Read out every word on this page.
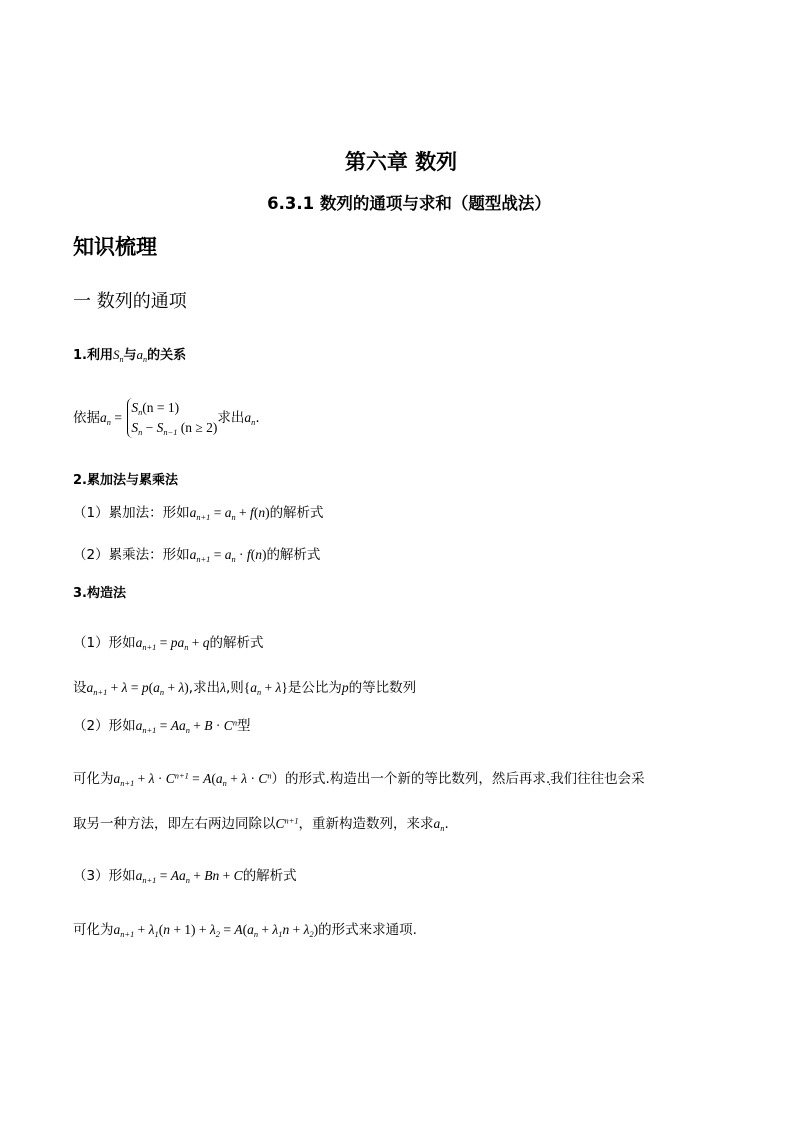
第六章 数列
6.3.1 数列的通项与求和（题型战法）
知识梳理
一 数列的通项
1.利用$S_n$与$a_n$的关系
依据$a_n$ =
$S_n(n = 1)$
$S_n - S_{n-1}$ (n ≥ 2)
求出$a_n$.
2.累加法与累乘法
（1）累加法：形如$a_{n+1} = a_n + f(n)$的解析式
（2）累乘法：形如$a_{n+1} = a_n \cdot f(n)$的解析式
3.构造法
（1）形如$a_{n+1} = pa_n + q$的解析式
设$a_{n+1} + \lambda = p(a_n + \lambda)$,求出λ,则$\{a_n + \lambda\}$是公比为p的等比数列
（2）形如$a_{n+1} = Aa_n + B \cdot C^n$型
可化为$a_{n+1} + \lambda \cdot C^{n+1} = A(a_n + \lambda \cdot C^n)$的形式.构造出一个新的等比数列，然后再求. .我们往往也会采
取另一种方法，即左右两边同除以$C^{n+1}$，重新构造数列，来求$a_n$.
（3）形如$a_{n+1} = Aa_n + Bn + C$的解析式
可化为$a_{n+1} + \lambda_1(n + 1) + \lambda_2 = A(a_n + \lambda_1n + \lambda_2)$的形式来求通项.
